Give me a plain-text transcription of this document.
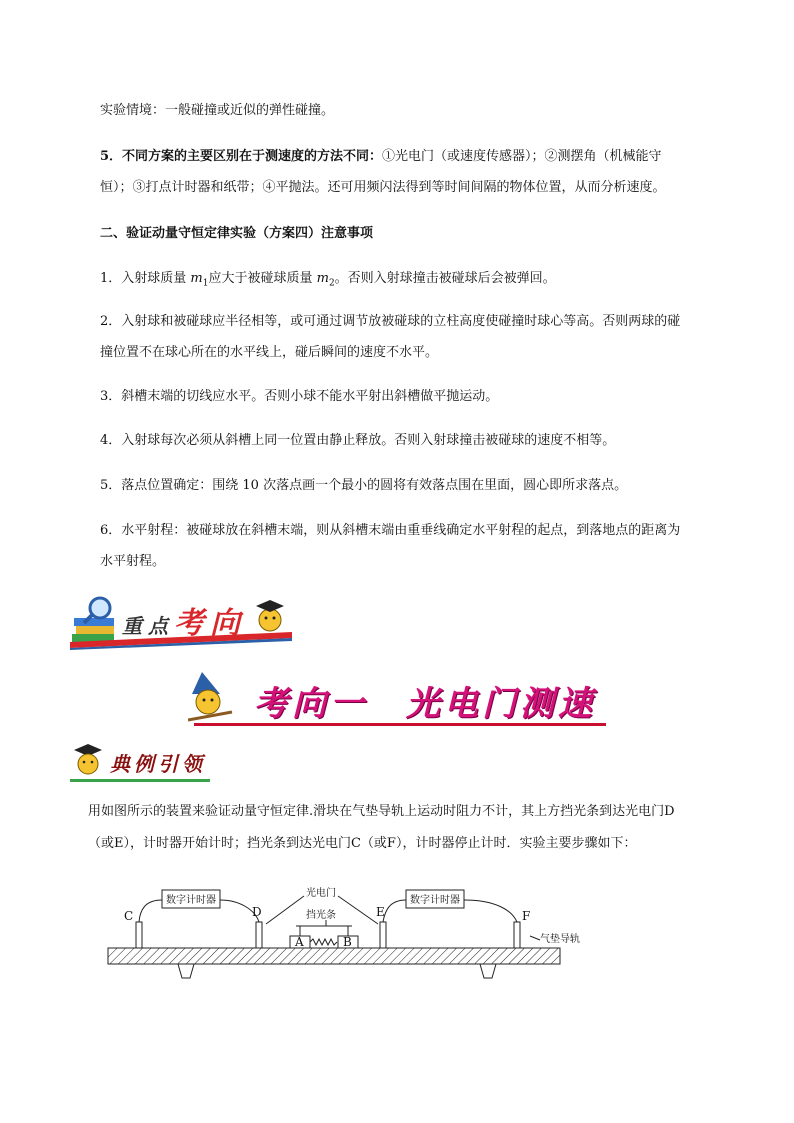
实验情境：一般碰撞或近似的弹性碰撞。
5．不同方案的主要区别在于测速度的方法不同：①光电门（或速度传感器）；②测摆角（机械能守
恒）；③打点计时器和纸带；④平抛法。还可用频闪法得到等时间间隔的物体位置，从而分析速度。
二、验证动量守恒定律实验（方案四）注意事项
1．入射球质量 $m_1$应大于被碰球质量 $m_2$。否则入射球撞击被碰球后会被弹回。
2．入射球和被碰球应半径相等，或可通过调节放被碰球的立柱高度使碰撞时球心等高。否则两球的碰
撞位置不在球心所在的水平线上，碰后瞬间的速度不水平。
3．斜槽末端的切线应水平。否则小球不能水平射出斜槽做平抛运动。
4．入射球每次必须从斜槽上同一位置由静止释放。否则入射球撞击被碰球的速度不相等。
5．落点位置确定：围绕 10 次落点画一个最小的圆将有效落点围在里面，圆心即所求落点。
6．水平射程：被碰球放在斜槽末端，则从斜槽末端由重垂线确定水平射程的起点，到落地点的距离为
水平射程。
重点考向
考向一　光电门测速
典例引领
用如图所示的装置来验证动量守恒定律.滑块在气垫导轨上运动时阻力不计，其上方挡光条到达光电门D
（或E），计时器开始计时；挡光条到达光电门C（或F），计时器停止计时．实验主要步骤如下：
C	D	E	F
A	B
数字计时器	数字计时器
光电门
挡光条
气垫导轨
